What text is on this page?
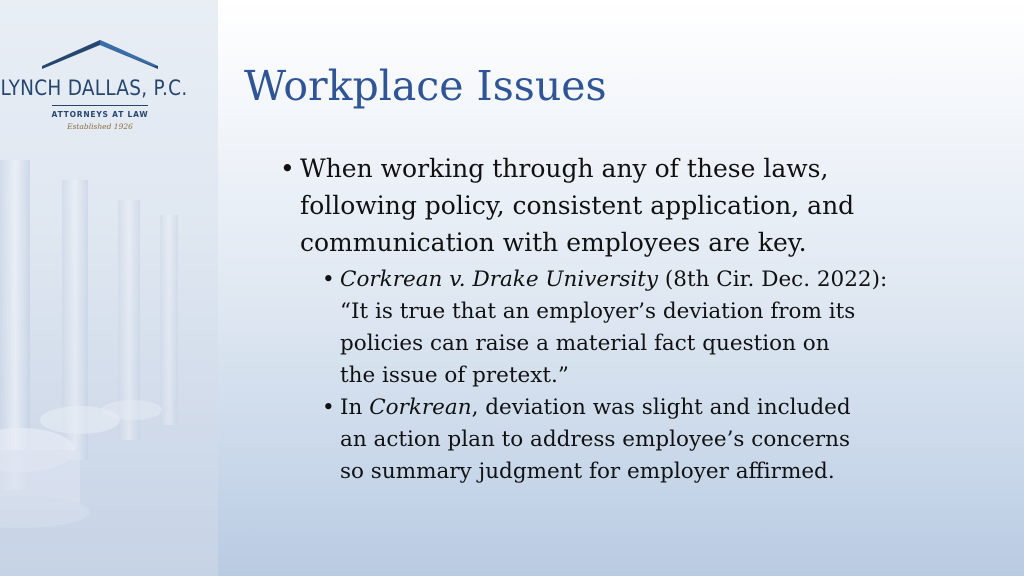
LYNCH DALLAS, P.C.
ATTORNEYS AT LAW
Established 1926
Workplace Issues
• When working through any of these laws,
following policy, consistent application, and
communication with employees are key.
• Corkrean v. Drake University (8th Cir. Dec. 2022):
“It is true that an employer’s deviation from its
policies can raise a material fact question on
the issue of pretext.”
• In Corkrean, deviation was slight and included
an action plan to address employee’s concerns
so summary judgment for employer affirmed.
